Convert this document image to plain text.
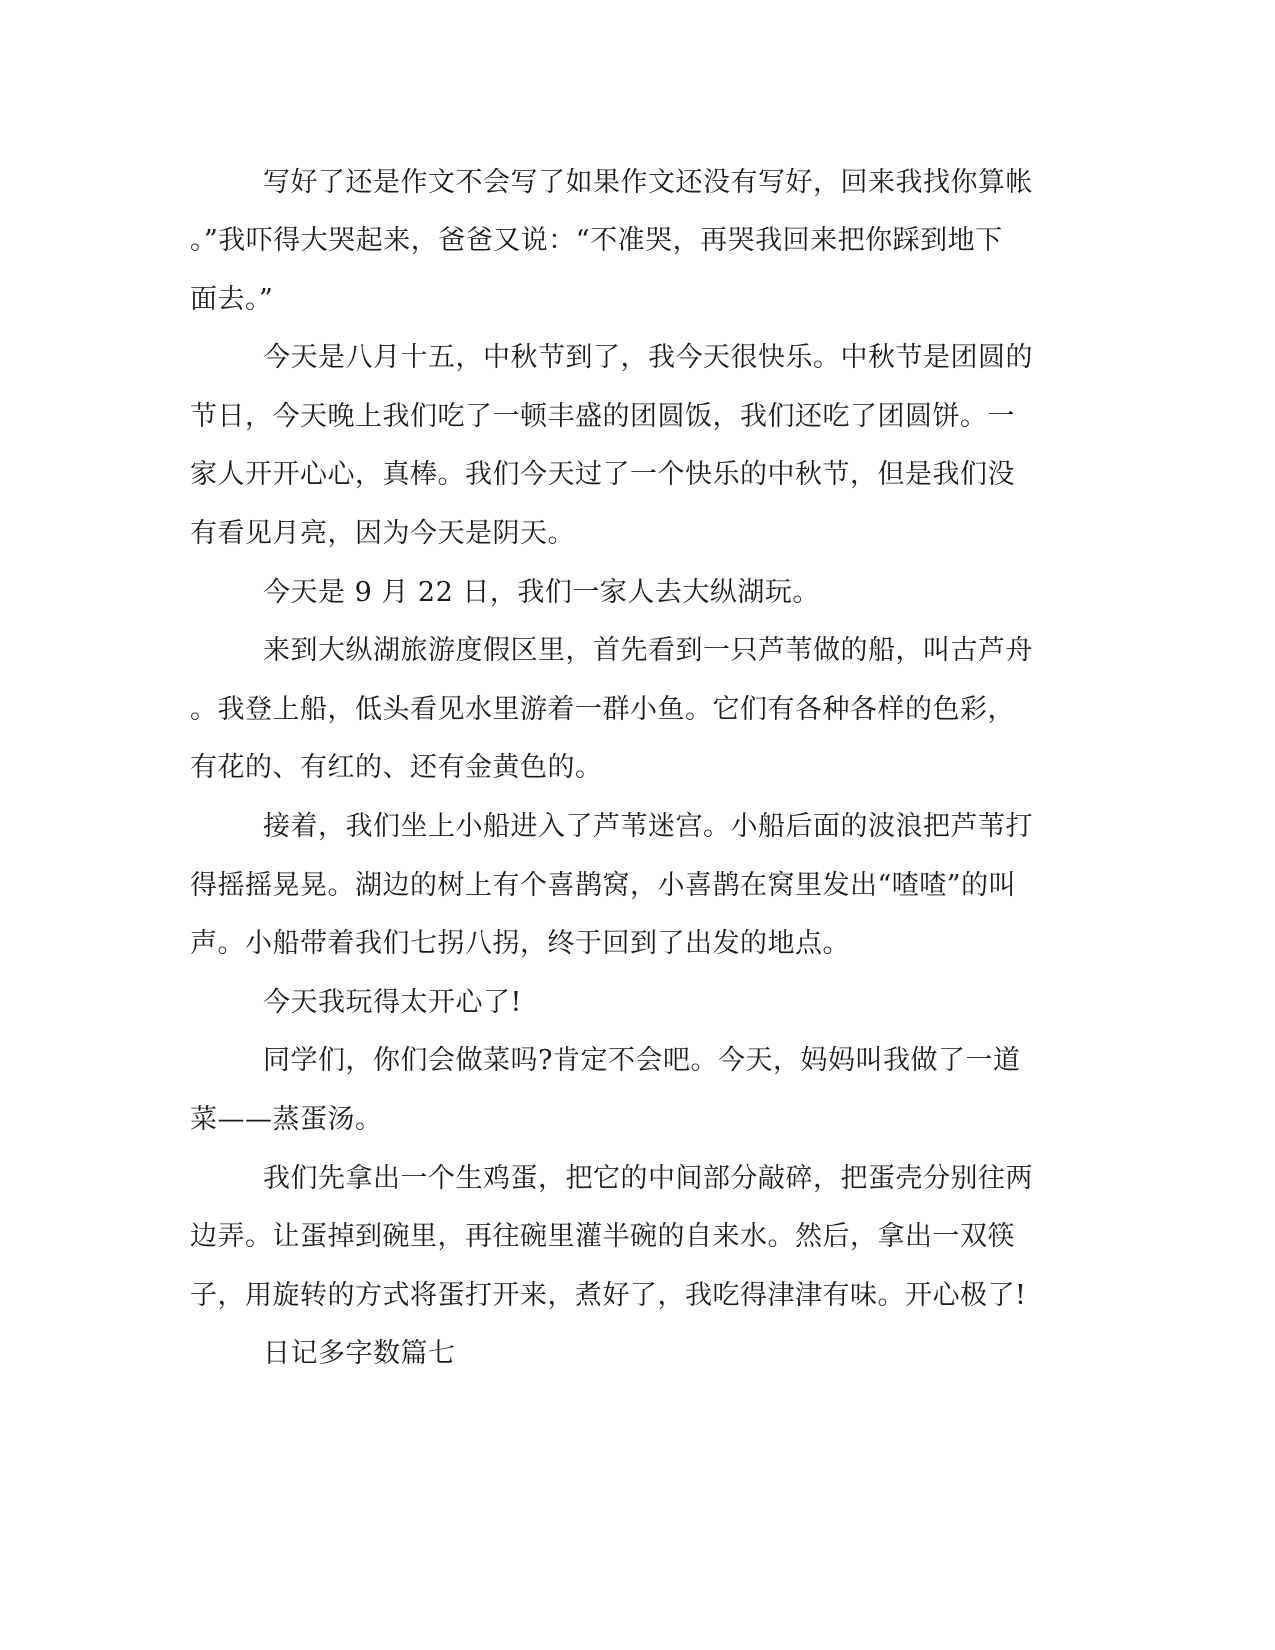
写好了还是作文不会写了如果作文还没有写好，回来我找你算帐
。”我吓得大哭起来，爸爸又说：“不准哭，再哭我回来把你踩到地下
面去。”
今天是八月十五，中秋节到了，我今天很快乐。中秋节是团圆的
节日，今天晚上我们吃了一顿丰盛的团圆饭，我们还吃了团圆饼。一
家人开开心心，真棒。我们今天过了一个快乐的中秋节，但是我们没
有看见月亮，因为今天是阴天。
今天是 9 月 22 日，我们一家人去大纵湖玩。
来到大纵湖旅游度假区里，首先看到一只芦苇做的船，叫古芦舟
。我登上船，低头看见水里游着一群小鱼。它们有各种各样的色彩，
有花的、有红的、还有金黄色的。
接着，我们坐上小船进入了芦苇迷宫。小船后面的波浪把芦苇打
得摇摇晃晃。湖边的树上有个喜鹊窝，小喜鹊在窝里发出“喳喳”的叫
声。小船带着我们七拐八拐，终于回到了出发的地点。
今天我玩得太开心了!
同学们，你们会做菜吗?肯定不会吧。今天，妈妈叫我做了一道
菜——蒸蛋汤。
我们先拿出一个生鸡蛋，把它的中间部分敲碎，把蛋壳分别往两
边弄。让蛋掉到碗里，再往碗里灌半碗的自来水。然后，拿出一双筷
子，用旋转的方式将蛋打开来，煮好了，我吃得津津有味。开心极了!
日记多字数篇七
